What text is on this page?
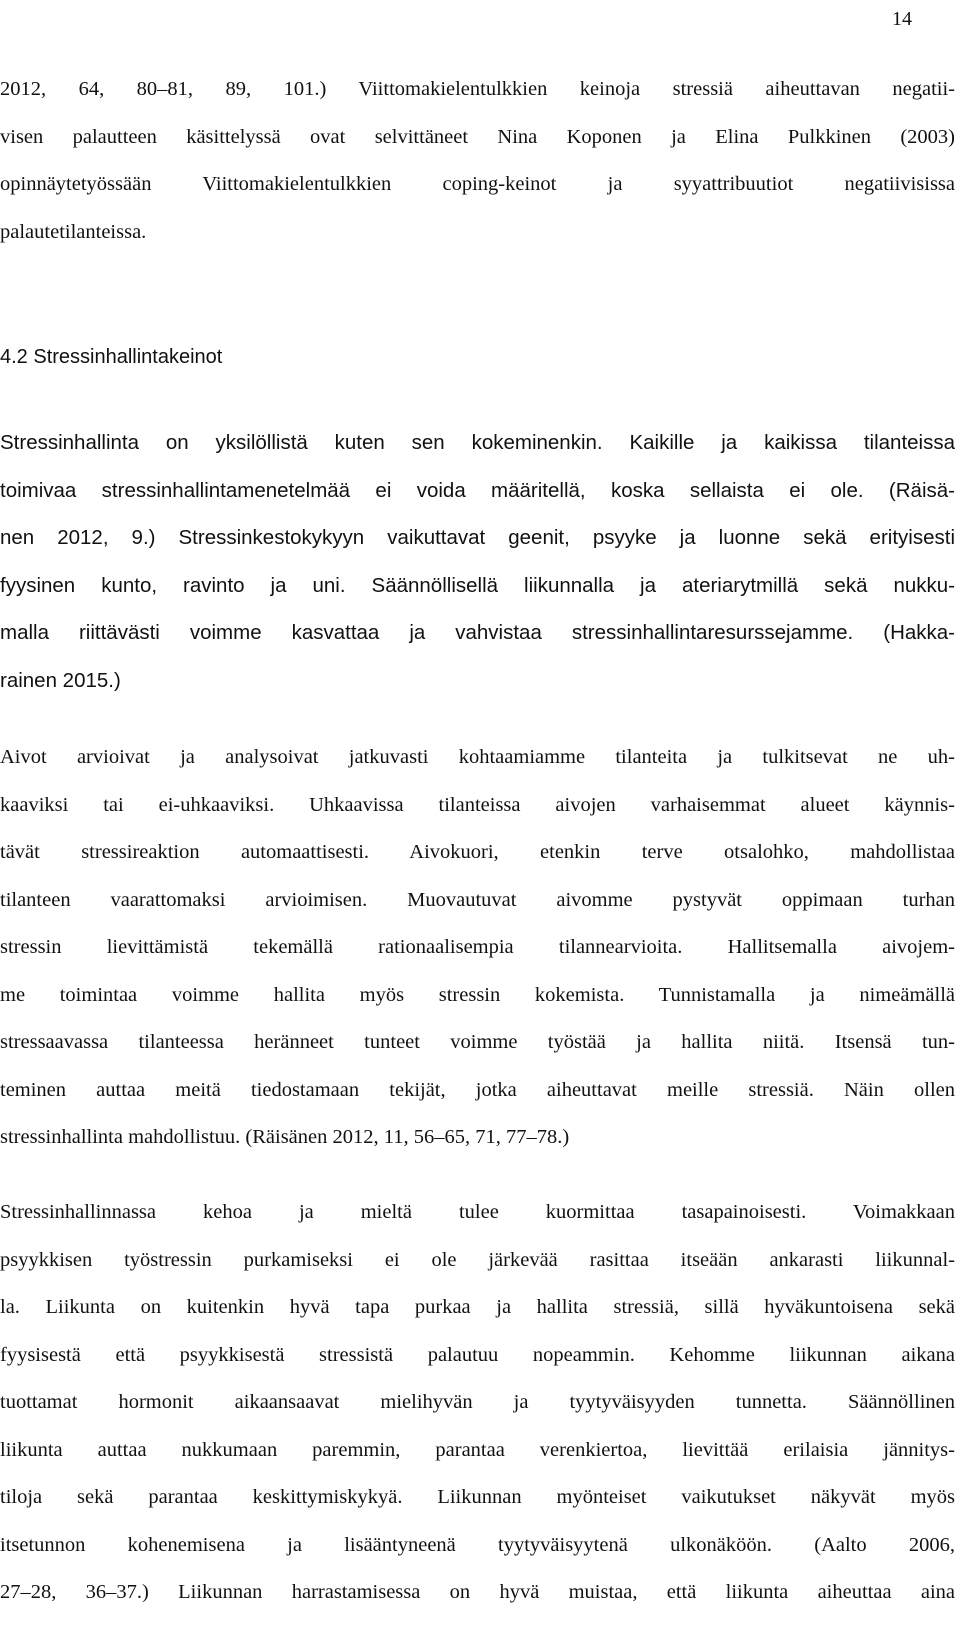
14
2012, 64, 80–81, 89, 101.) Viittomakielentulkkien keinoja stressiä aiheuttavan negatii-
visen palautteen käsittelyssä ovat selvittäneet Nina Koponen ja Elina Pulkkinen (2003)
opinnäytetyössään Viittomakielentulkkien coping-keinot ja syyattribuutiot negatiivisissa
palautetilanteissa.
4.2 Stressinhallintakeinot
Stressinhallinta on yksilöllistä kuten sen kokeminenkin. Kaikille ja kaikissa tilanteissa
toimivaa stressinhallintamenetelmää ei voida määritellä, koska sellaista ei ole. (Räisä-
nen 2012, 9.) Stressinkestokykyyn vaikuttavat geenit, psyyke ja luonne sekä erityisesti
fyysinen kunto, ravinto ja uni. Säännöllisellä liikunnalla ja ateriarytmillä sekä nukku-
malla riittävästi voimme kasvattaa ja vahvistaa stressinhallintaresurssejamme. (Hakka-
rainen 2015.)
Aivot arvioivat ja analysoivat jatkuvasti kohtaamiamme tilanteita ja tulkitsevat ne uh-
kaaviksi tai ei-uhkaaviksi. Uhkaavissa tilanteissa aivojen varhaisemmat alueet käynnis-
tävät stressireaktion automaattisesti. Aivokuori, etenkin terve otsalohko, mahdollistaa
tilanteen vaarattomaksi arvioimisen. Muovautuvat aivomme pystyvät oppimaan turhan
stressin lievittämistä tekemällä rationaalisempia tilannearvioita. Hallitsemalla aivojem-
me toimintaa voimme hallita myös stressin kokemista. Tunnistamalla ja nimeämällä
stressaavassa tilanteessa heränneet tunteet voimme työstää ja hallita niitä. Itsensä tun-
teminen auttaa meitä tiedostamaan tekijät, jotka aiheuttavat meille stressiä. Näin ollen
stressinhallinta mahdollistuu. (Räisänen 2012, 11, 56–65, 71, 77–78.)
Stressinhallinnassa kehoa ja mieltä tulee kuormittaa tasapainoisesti. Voimakkaan
psyykkisen työstressin purkamiseksi ei ole järkevää rasittaa itseään ankarasti liikunnal-
la. Liikunta on kuitenkin hyvä tapa purkaa ja hallita stressiä, sillä hyväkuntoisena sekä
fyysisestä että psyykkisestä stressistä palautuu nopeammin. Kehomme liikunnan aikana
tuottamat hormonit aikaansaavat mielihyvän ja tyytyväisyyden tunnetta. Säännöllinen
liikunta auttaa nukkumaan paremmin, parantaa verenkiertoa, lievittää erilaisia jännitys-
tiloja sekä parantaa keskittymiskykyä. Liikunnan myönteiset vaikutukset näkyvät myös
itsetunnon kohenemisena ja lisääntyneenä tyytyväisyytenä ulkonäköön. (Aalto 2006,
27–28, 36–37.) Liikunnan harrastamisessa on hyvä muistaa, että liikunta aiheuttaa aina
